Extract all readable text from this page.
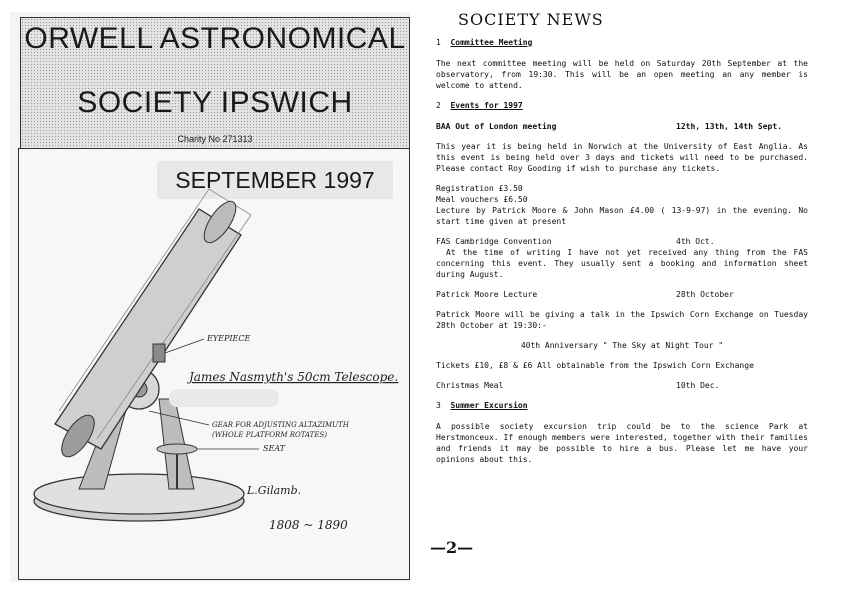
ORWELL ASTRONOMICAL
SOCIETY IPSWICH
Charity No 271313
SEPTEMBER 1997
L.Gilamb.
EYEPIECE
James Nasmyth's 50cm Telescope.
GEAR FOR ADJUSTING ALTAZIMUTH
(WHOLE PLATFORM ROTATES)
SEAT
1808 ~ 1890
SOCIETY NEWS
1 Committee Meeting

The next committee meeting will be held on Saturday 20th September at the observatory, from 19:30. This will be an open meeting an any member is welcome to attend.

2 Events for 1997
BAA Out of London meeting	12th, 13th, 14th Sept.

This year it is being held in Norwich at the University of East Anglia. As this event is being held over 3 days and tickets will need to be purchased. Please contact Roy Gooding if wish to purchase any tickets.

Registration £3.50
Meal vouchers £6.50
Lecture by Patrick Moore & John Mason £4.00 ( 13-9-97) in the evening. No start time given at present
FAS Cambridge Convention	4th Oct.

At the time of writing I have not yet received any thing from the FAS concerning this event. They usually sent a booking and information sheet during August.

Patrick Moore Lecture	28th October

Patrick Moore will be giving a talk in the Ipswich Corn Exchange on Tuesday 28th October at 19:30:-

40th Anniversary " The Sky at Night Tour "

Tickets £10, £8 & £6 All obtainable from the Ipswich Corn Exchange

Christmas Meal	10th Dec.
3 Summer Excursion

A possible society excursion trip could be to the science Park at Herstmonceux. If enough members were interested, together with their families and friends it may be possible to hire a bus. Please let me have your opinions about this.

—2—
